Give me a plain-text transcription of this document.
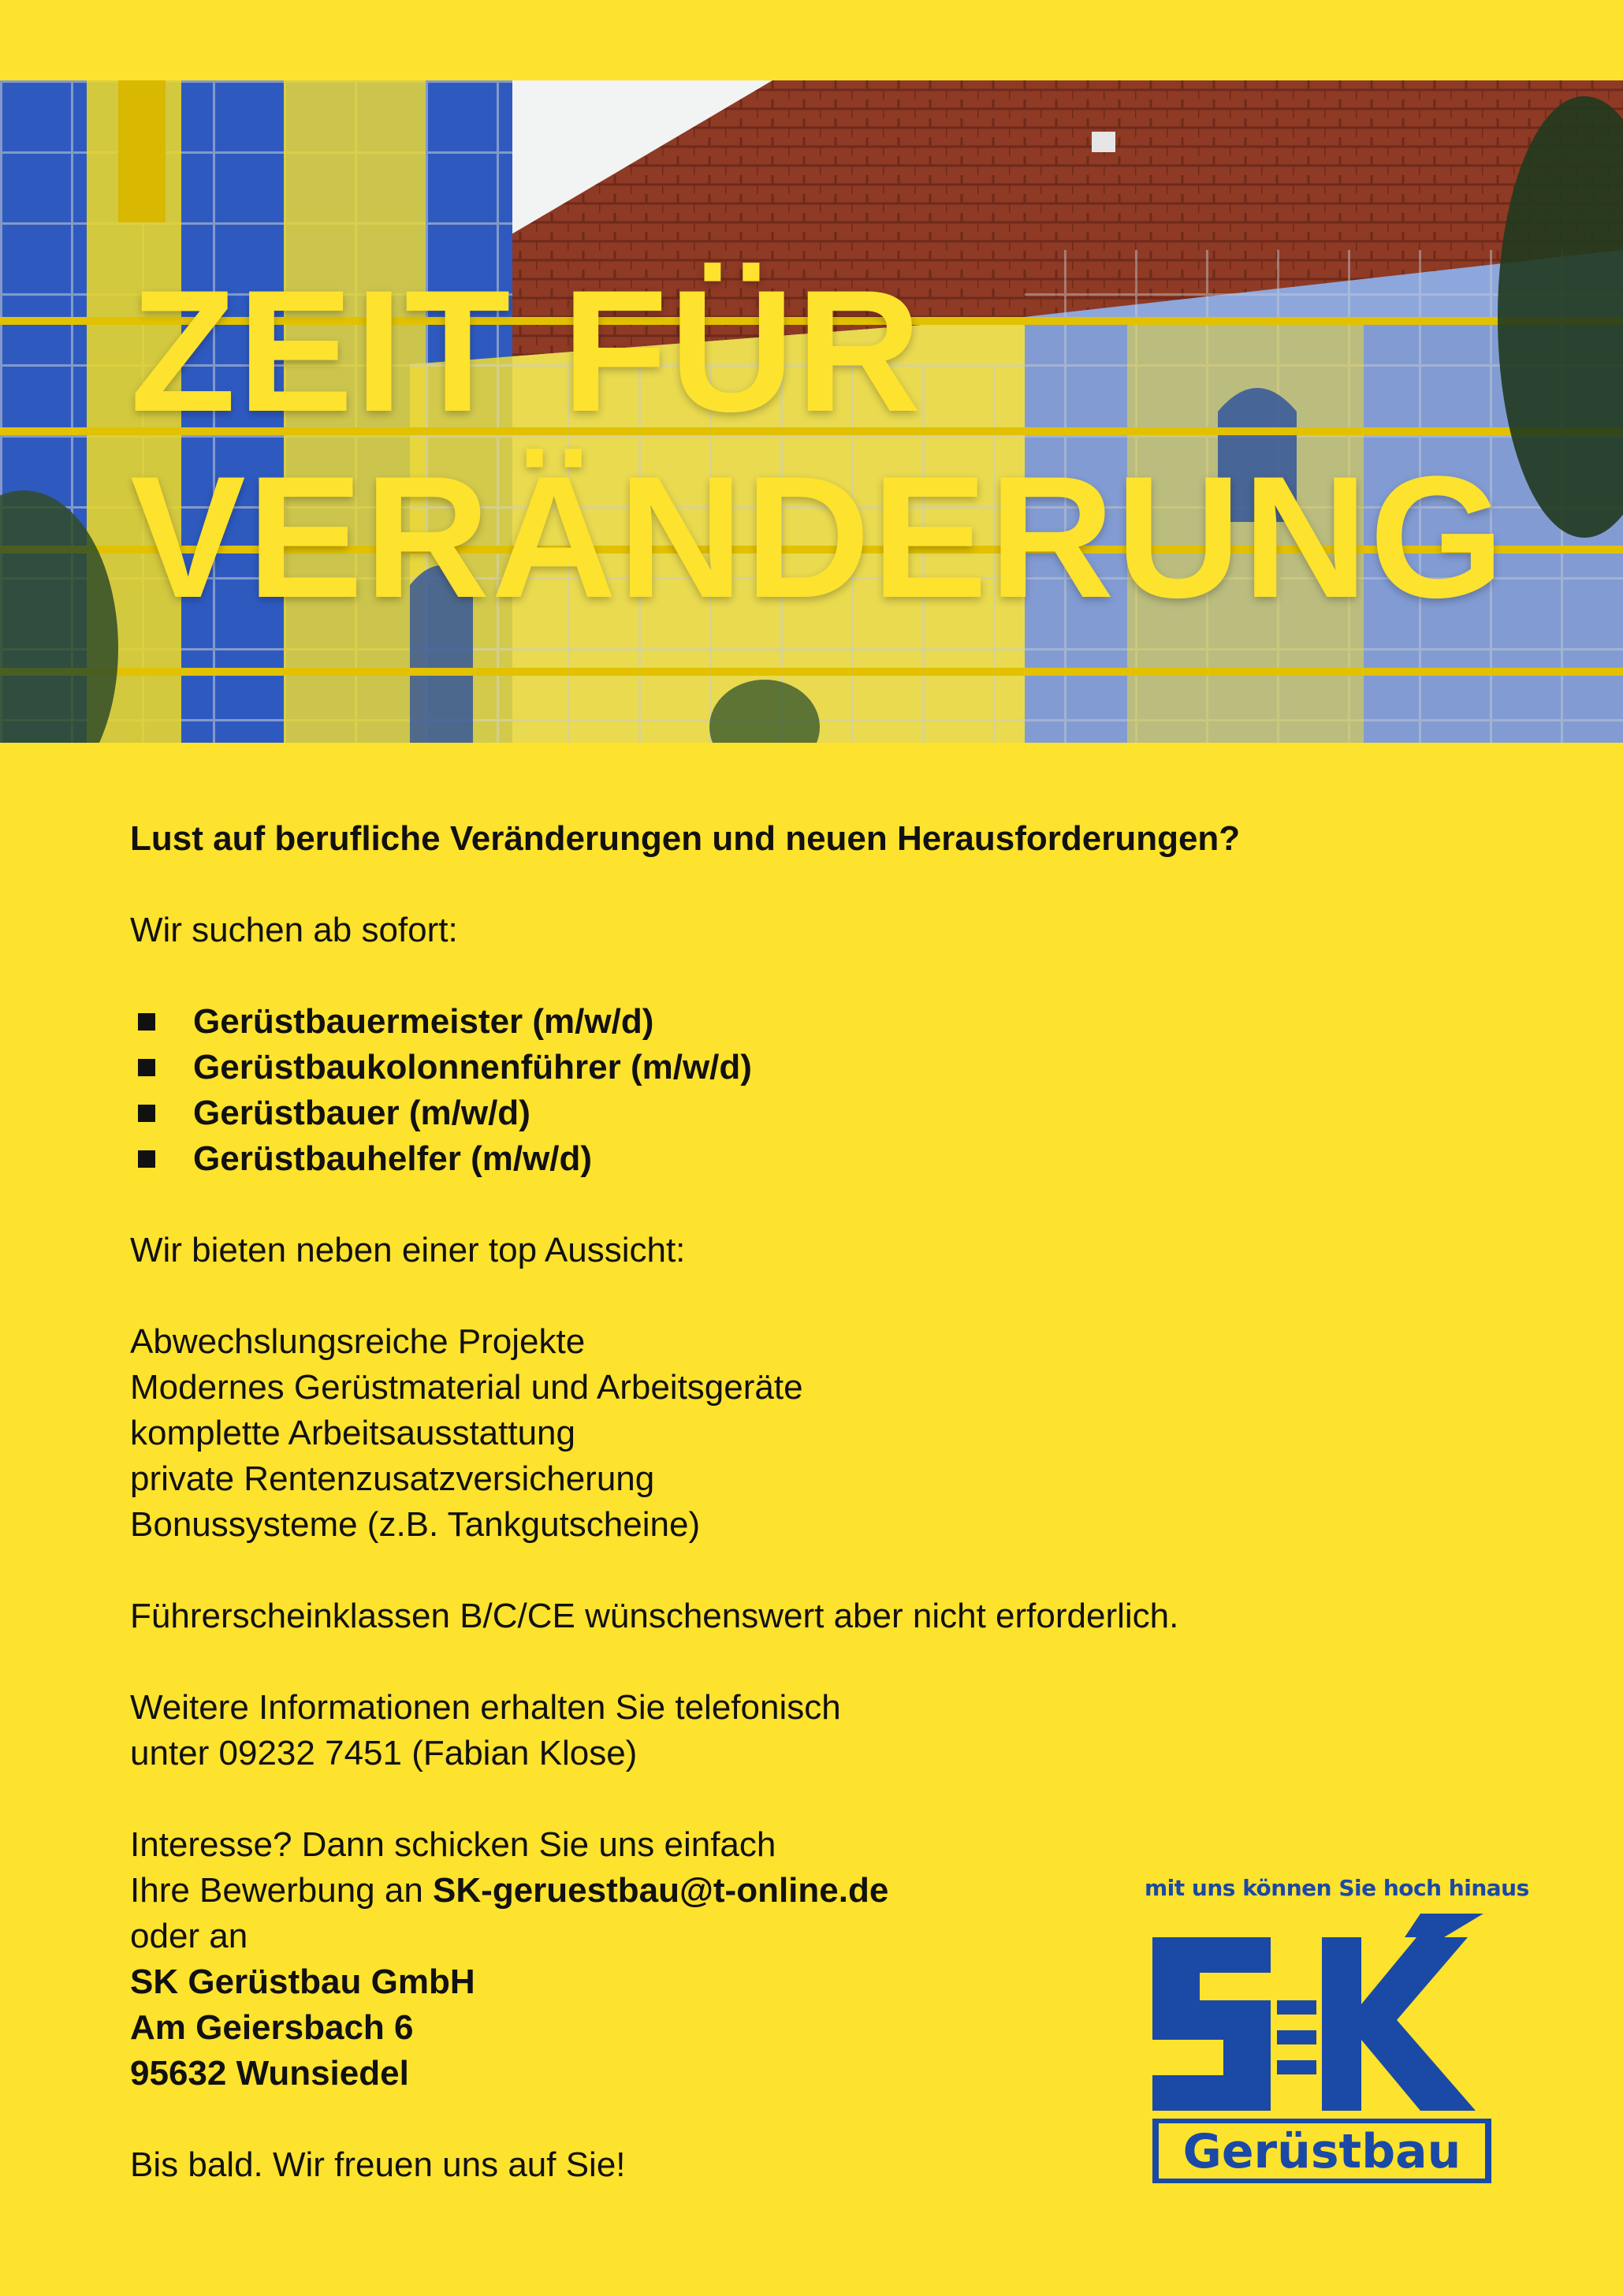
ZEIT FÜR
VERÄNDERUNG

Lust auf berufliche Veränderungen und neuen Herausforderungen?

Wir suchen ab sofort:

Gerüstbauermeister (m/w/d)
Gerüstbaukolonnenführer (m/w/d)
Gerüstbauer (m/w/d)
Gerüstbauhelfer (m/w/d)

Wir bieten neben einer top Aussicht:

Abwechslungsreiche Projekte

Modernes Gerüstmaterial und Arbeitsgeräte

komplette Arbeitsausstattung

private Rentenzusatzversicherung

Bonussysteme (z.B. Tankgutscheine)

Führerscheinklassen B/C/CE wünschenswert aber nicht erforderlich.

Weitere Informationen erhalten Sie telefonisch

unter 09232 7451 (Fabian Klose)

Interesse? Dann schicken Sie uns einfach

Ihre Bewerbung an SK-geruestbau@t-online.de

oder an

SK Gerüstbau GmbH

Am Geiersbach 6

95632 Wunsiedel

Bis bald. Wir freuen uns auf Sie!

mit uns können Sie hoch hinaus
Gerüstbau
